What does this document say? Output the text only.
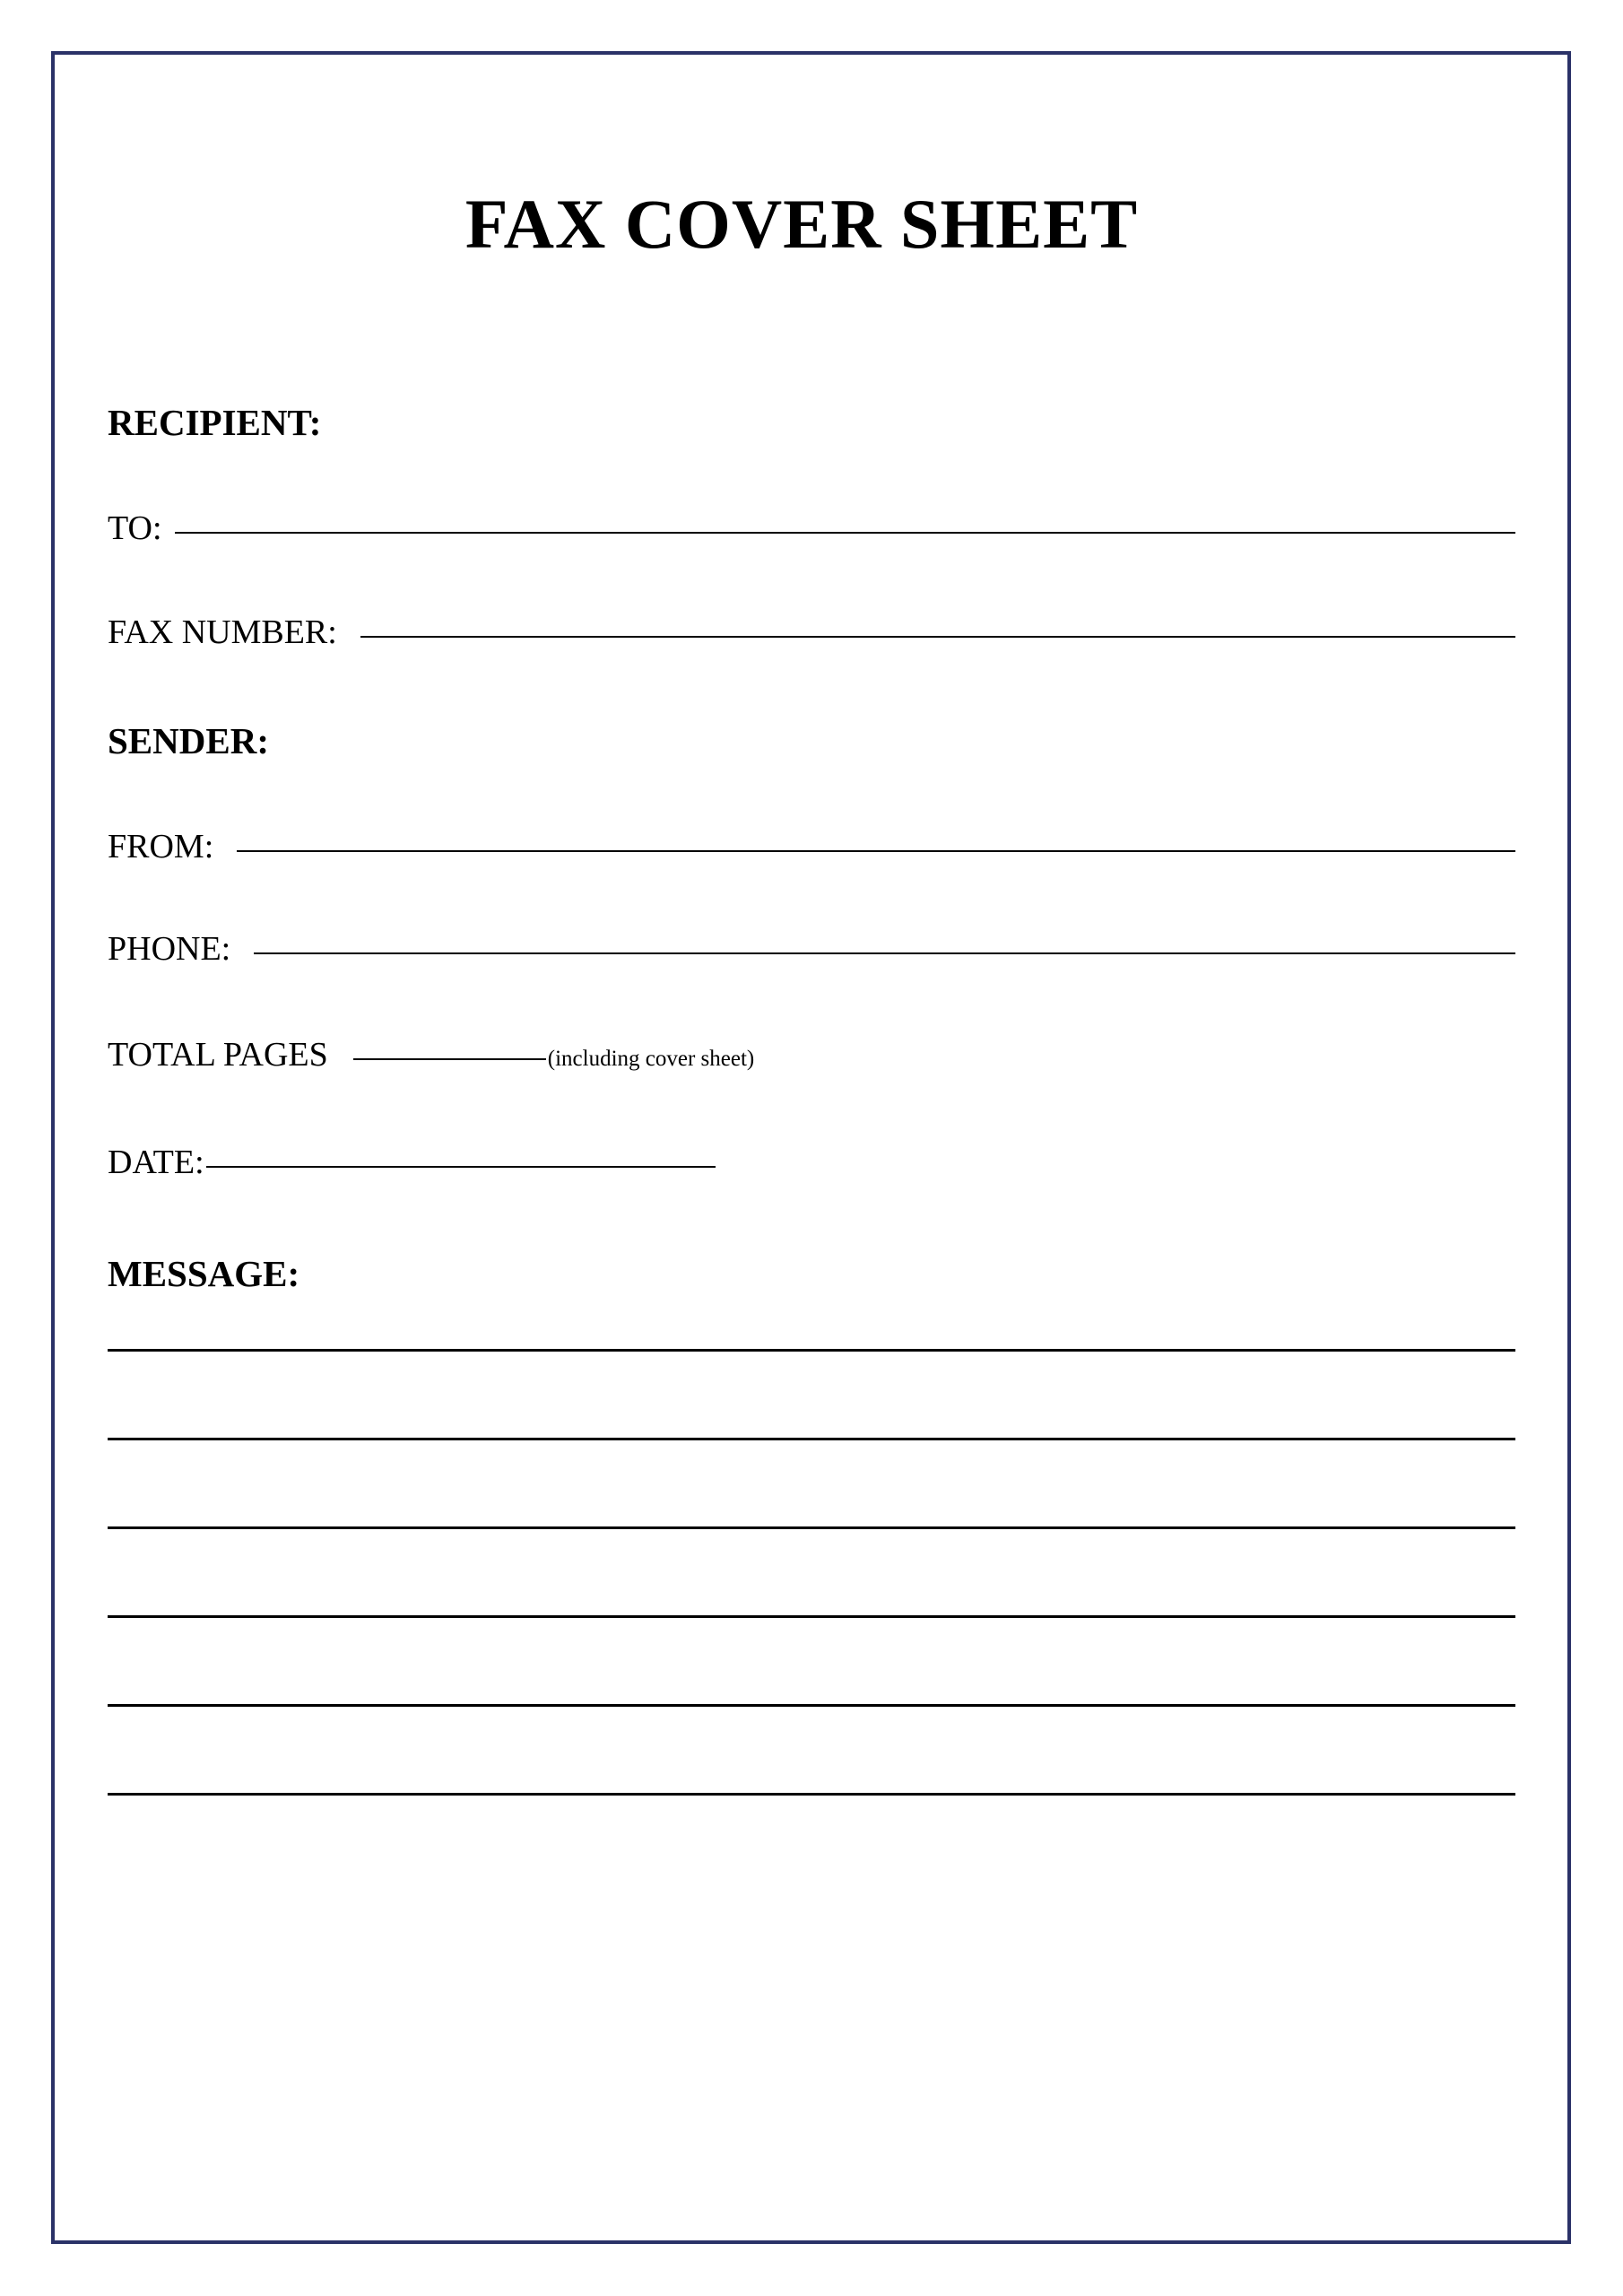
FAX COVER SHEET
RECIPIENT:
TO:
FAX NUMBER:
SENDER:
FROM:
PHONE:
TOTAL PAGES	(including cover sheet)
DATE:
MESSAGE:
